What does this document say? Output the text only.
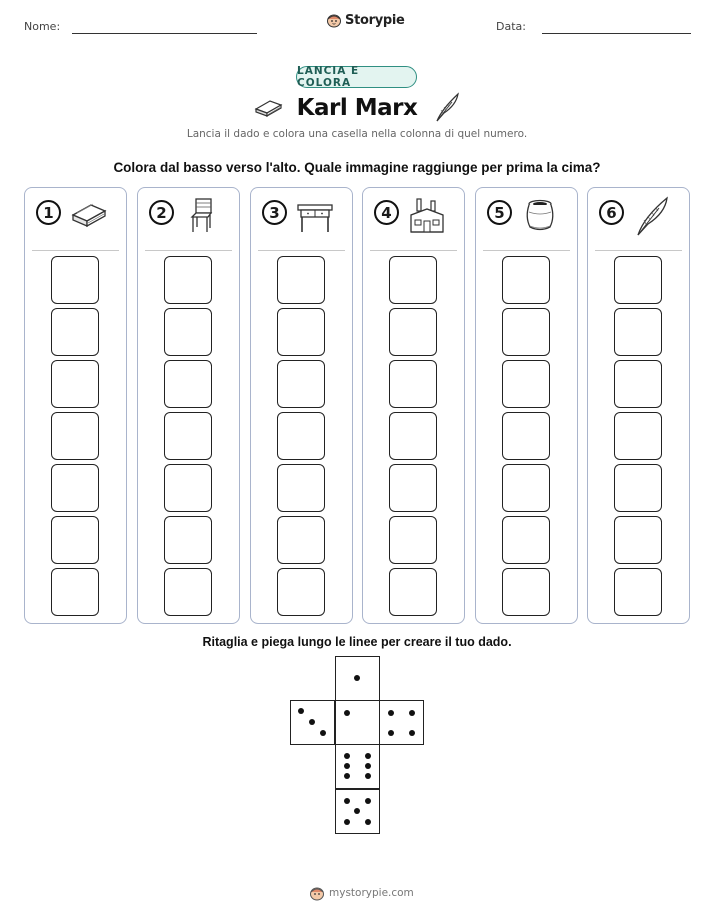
Nome:	Storypie	Data:
LANCIA E COLORA
Karl Marx
Lancia il dado e colora una casella nella colonna di quel numero.
Colora dal basso verso l'alto. Quale immagine raggiunge per prima la cima?
1	2	3	4	5	6
Ritaglia e piega lungo le linee per creare il tuo dado.
mystorypie.com
